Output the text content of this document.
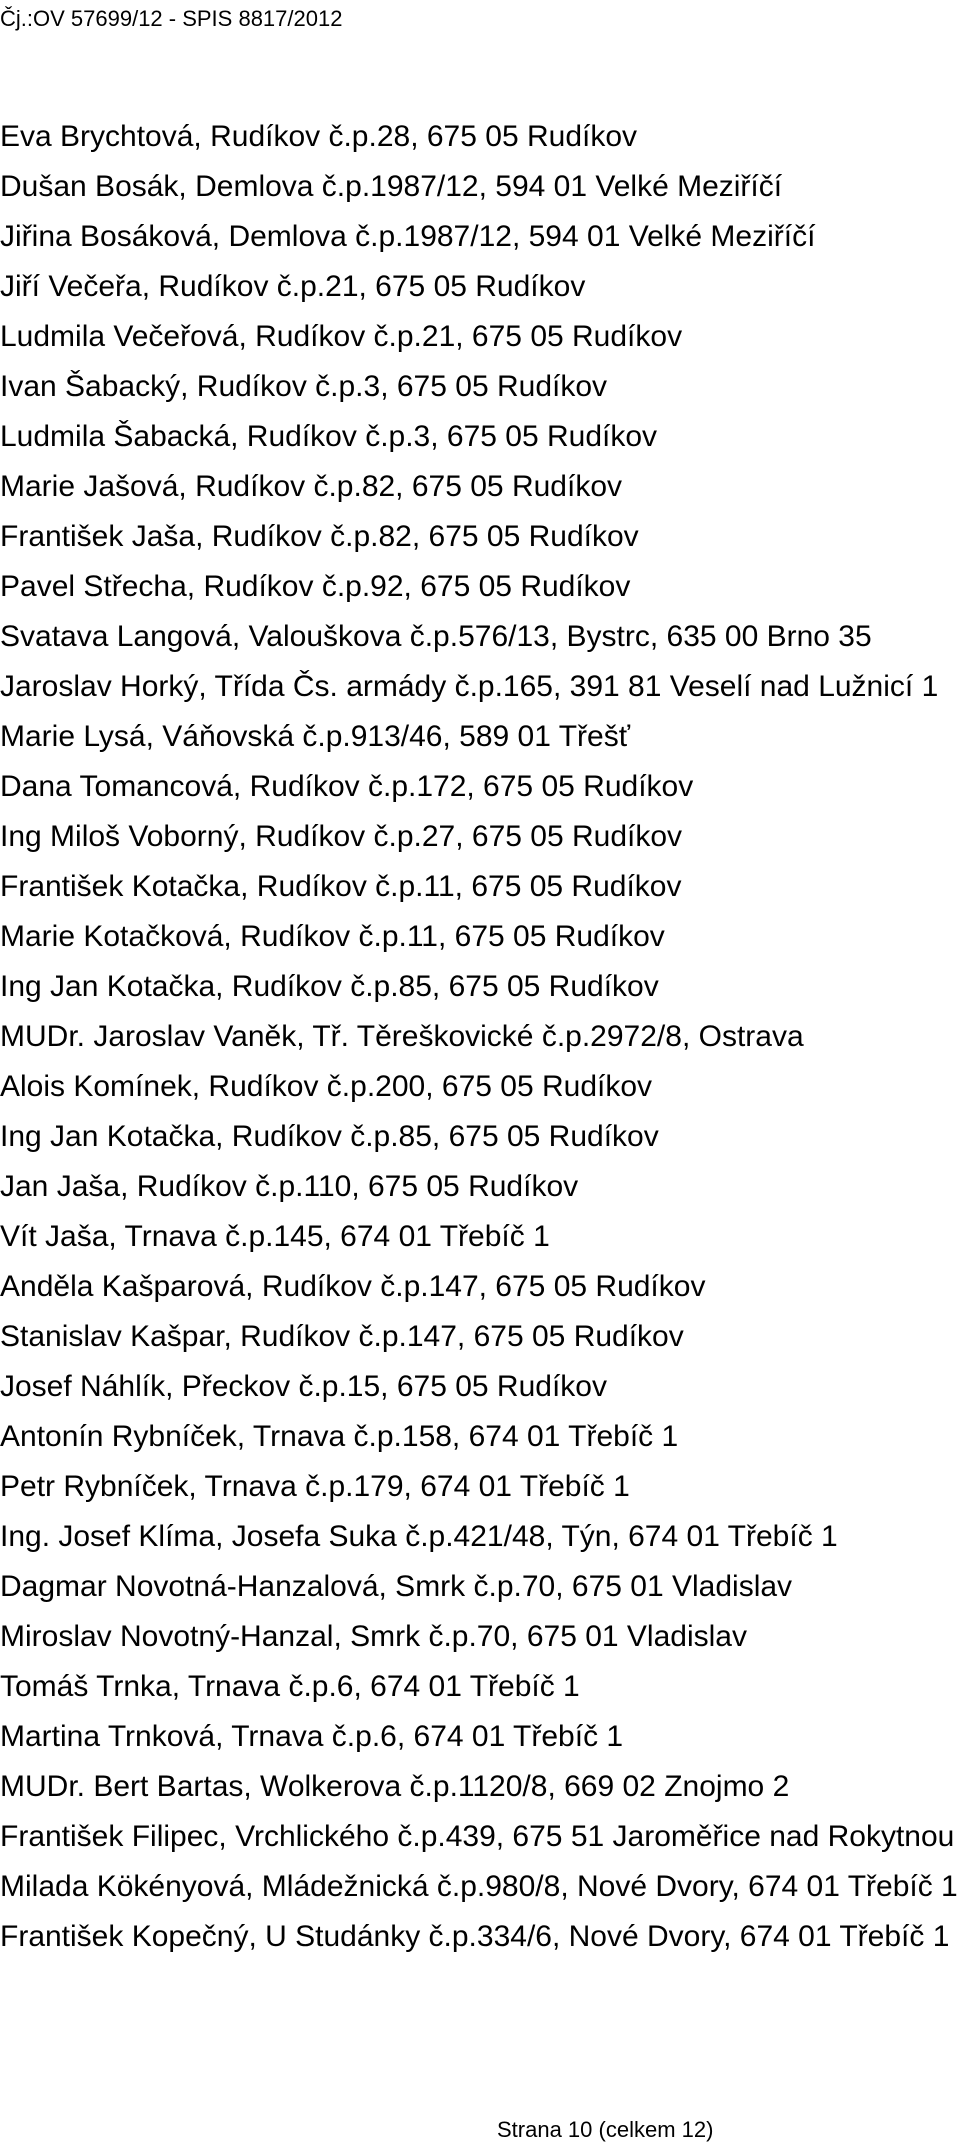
Čj.:OV 57699/12 - SPIS 8817/2012
Eva Brychtová, Rudíkov č.p.28, 675 05 Rudíkov
Dušan Bosák, Demlova č.p.1987/12, 594 01 Velké Meziříčí
Jiřina Bosáková, Demlova č.p.1987/12, 594 01 Velké Meziříčí
Jiří Večeřa, Rudíkov č.p.21, 675 05 Rudíkov
Ludmila Večeřová, Rudíkov č.p.21, 675 05 Rudíkov
Ivan Šabacký, Rudíkov č.p.3, 675 05 Rudíkov
Ludmila Šabacká, Rudíkov č.p.3, 675 05 Rudíkov
Marie Jašová, Rudíkov č.p.82, 675 05 Rudíkov
František Jaša, Rudíkov č.p.82, 675 05 Rudíkov
Pavel Střecha, Rudíkov č.p.92, 675 05 Rudíkov
Svatava Langová, Valouškova č.p.576/13, Bystrc, 635 00 Brno 35
Jaroslav Horký, Třída Čs. armády č.p.165, 391 81 Veselí nad Lužnicí 1
Marie Lysá, Váňovská č.p.913/46, 589 01 Třešť
Dana Tomancová, Rudíkov č.p.172, 675 05 Rudíkov
Ing Miloš Voborný, Rudíkov č.p.27, 675 05 Rudíkov
František Kotačka, Rudíkov č.p.11, 675 05 Rudíkov
Marie Kotačková, Rudíkov č.p.11, 675 05 Rudíkov
Ing Jan Kotačka, Rudíkov č.p.85, 675 05 Rudíkov
MUDr. Jaroslav Vaněk, Tř. Těreškovické č.p.2972/8, Ostrava
Alois Komínek, Rudíkov č.p.200, 675 05 Rudíkov
Ing Jan Kotačka, Rudíkov č.p.85, 675 05 Rudíkov
Jan Jaša, Rudíkov č.p.110, 675 05 Rudíkov
Vít Jaša, Trnava č.p.145, 674 01 Třebíč 1
Anděla Kašparová, Rudíkov č.p.147, 675 05 Rudíkov
Stanislav Kašpar, Rudíkov č.p.147, 675 05 Rudíkov
Josef Náhlík, Přeckov č.p.15, 675 05 Rudíkov
Antonín Rybníček, Trnava č.p.158, 674 01 Třebíč 1
Petr Rybníček, Trnava č.p.179, 674 01 Třebíč 1
Ing. Josef Klíma, Josefa Suka č.p.421/48, Týn, 674 01 Třebíč 1
Dagmar Novotná-Hanzalová, Smrk č.p.70, 675 01 Vladislav
Miroslav Novotný-Hanzal, Smrk č.p.70, 675 01 Vladislav
Tomáš Trnka, Trnava č.p.6, 674 01 Třebíč 1
Martina Trnková, Trnava č.p.6, 674 01 Třebíč 1
MUDr. Bert Bartas, Wolkerova č.p.1120/8, 669 02 Znojmo 2
František Filipec, Vrchlického č.p.439, 675 51 Jaroměřice nad Rokytnou
Milada Kökényová, Mládežnická č.p.980/8, Nové Dvory, 674 01 Třebíč 1
František Kopečný, U Studánky č.p.334/6, Nové Dvory, 674 01 Třebíč 1
Strana 10 (celkem 12)
